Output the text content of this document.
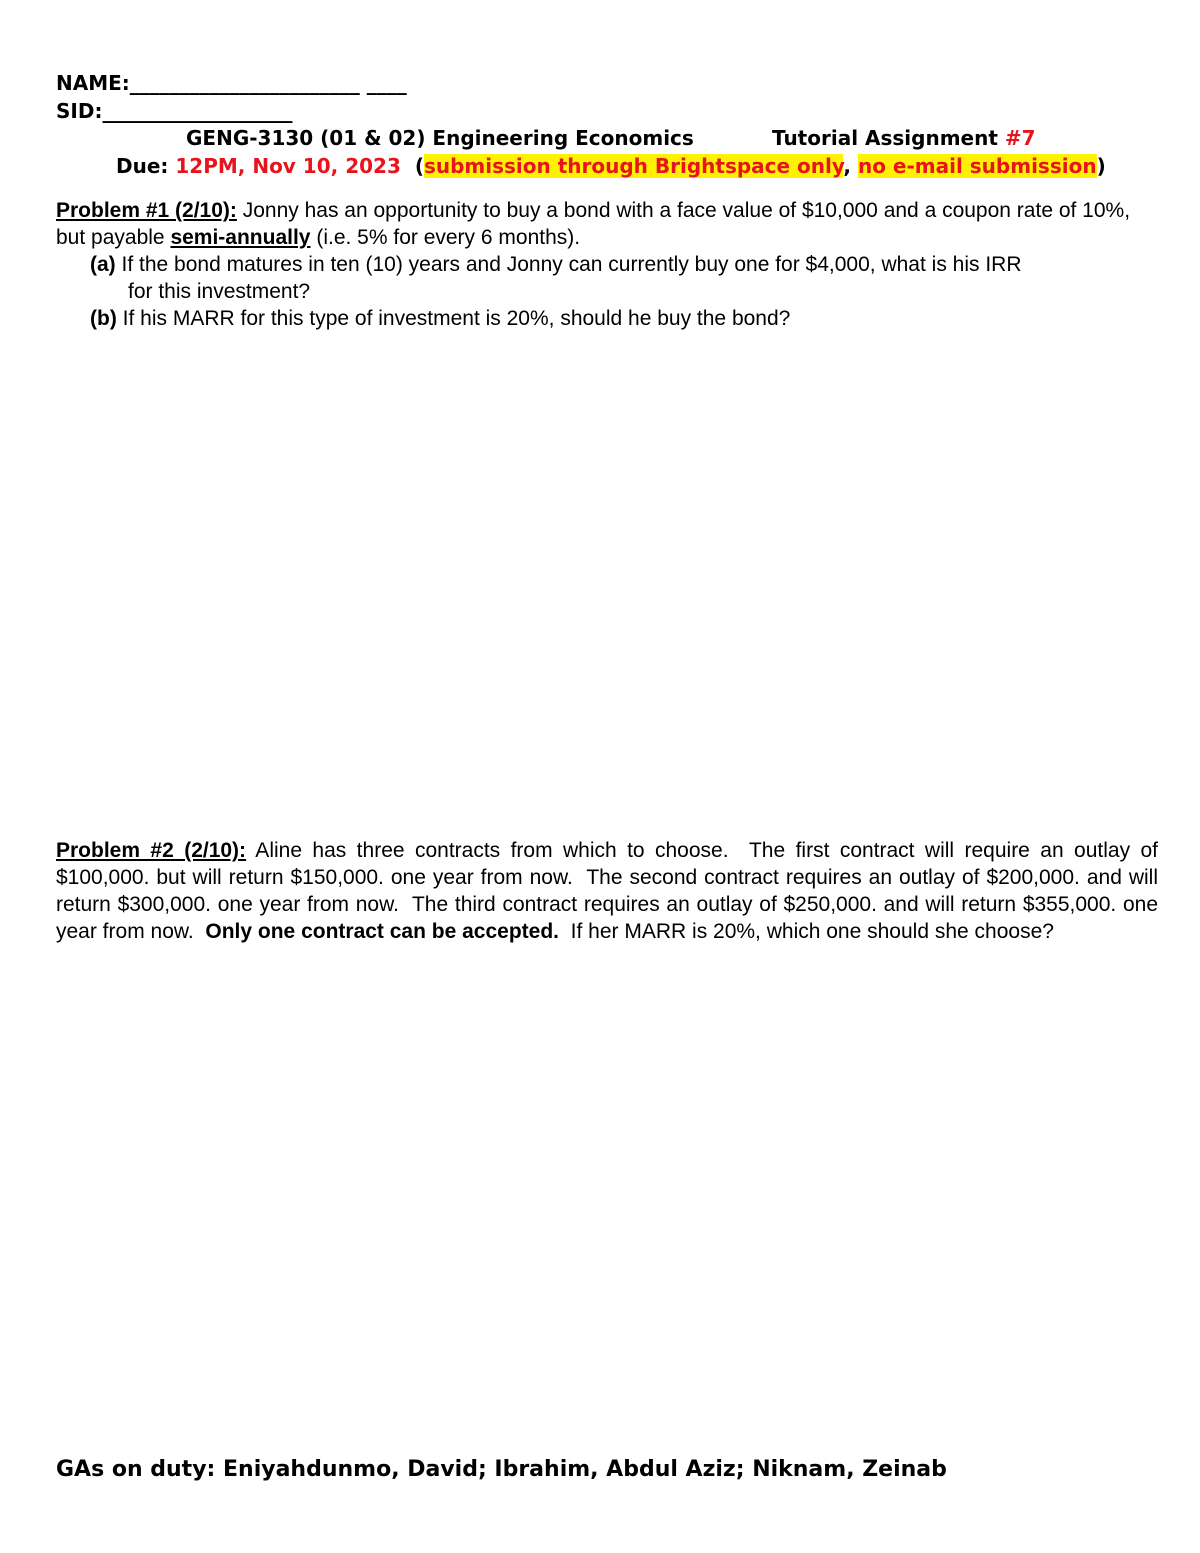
NAME:_______________________ ____
SID:___________________
GENG-3130 (01 & 02) Engineering Economics	Tutorial Assignment #7
Due: 12PM, Nov 10, 2023 (submission through Brightspace only, no e-mail submission)
Problem #1 (2/10): Jonny has an opportunity to buy a bond with a face value of $10,000 and a coupon rate of 10%, but payable semi-annually (i.e. 5% for every 6 months).
(a) If the bond matures in ten (10) years and Jonny can currently buy one for $4,000, what is his IRR
for this investment?
(b) If his MARR for this type of investment is 20%, should he buy the bond?
Problem #2 (2/10): Aline has three contracts from which to choose.  The first contract will require an outlay of $100,000. but will return $150,000. one year from now.  The second contract requires an outlay of $200,000. and will return $300,000. one year from now.  The third contract requires an outlay of $250,000. and will return $355,000. one year from now.  Only one contract can be accepted.  If her MARR is 20%, which one should she choose?
GAs on duty: Eniyahdunmo, David; Ibrahim, Abdul Aziz; Niknam, Zeinab
